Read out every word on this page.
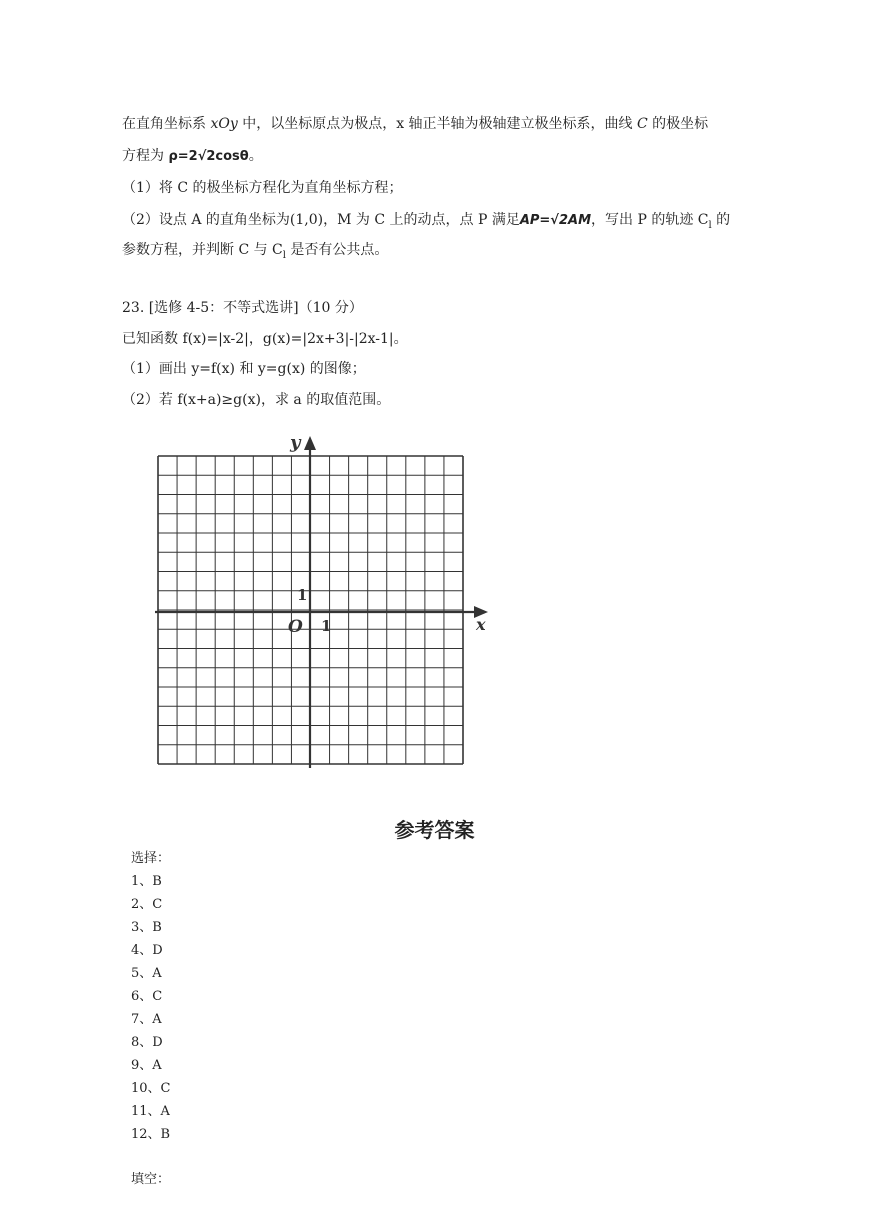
在直角坐标系 xOy 中，以坐标原点为极点，x 轴正半轴为极轴建立极坐标系，曲线 C 的极坐标
方程为 ρ=2√2cosθ。
（1）将 C 的极坐标方程化为直角坐标方程；
（2）设点 A 的直角坐标为(1,0)，M 为 C 上的动点，点 P 满足AP=√2AM，写出 P 的轨迹 $C_l$ 的
参数方程，并判断 C 与 $C_l$ 是否有公共点。
23. [选修 4-5：不等式选讲]（10 分）
已知函数 f(x)=|x-2|，g(x)=|2x+3|-|2x-1|。
（1）画出 y=f(x) 和 y=g(x) 的图像；
（2）若 f(x+a)≥g(x)，求 a 的取值范围。
x
y
O 1
1
参考答案
选择：
1、B
2、C
3、B
4、D
5、A
6、C
7、A
8、D
9、A
10、C
11、A
12、B
填空：
